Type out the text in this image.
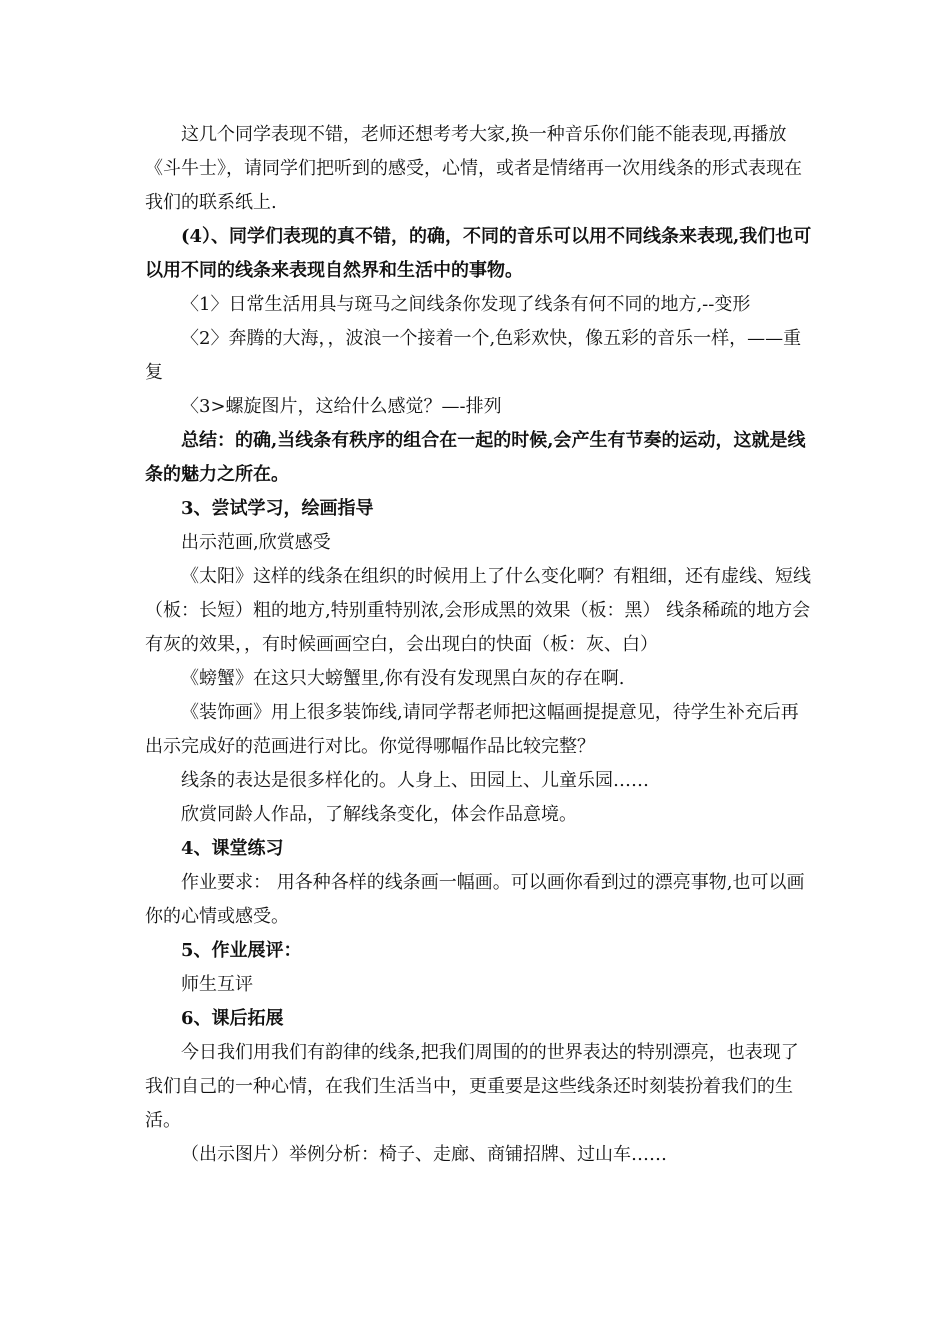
这几个同学表现不错，老师还想考考大家,换一种音乐你们能不能表现,再播放《斗牛士》，请同学们把听到的感受，心情，或者是情绪再一次用线条的形式表现在我们的联系纸上.

(4）、同学们表现的真不错，的确，不同的音乐可以用不同线条来表现,我们也可以用不同的线条来表现自然界和生活中的事物。

〈1〉日常生活用具与斑马之间线条你发现了线条有何不同的地方,--变形

〈2〉奔腾的大海，，波浪一个接着一个,色彩欢快，像五彩的音乐一样，——重复

〈3>螺旋图片，这给什么感觉？—-排列

总结：的确,当线条有秩序的组合在一起的时候,会产生有节奏的运动，这就是线条的魅力之所在。

3、尝试学习，绘画指导

出示范画,欣赏感受

《太阳》这样的线条在组织的时候用上了什么变化啊？有粗细，还有虚线、短线（板：长短）粗的地方,特别重特别浓,会形成黑的效果（板：黑） 线条稀疏的地方会有灰的效果，，有时候画画空白，会出现白的快面（板：灰、白）

《螃蟹》在这只大螃蟹里,你有没有发现黑白灰的存在啊.

《装饰画》用上很多装饰线,请同学帮老师把这幅画提提意见，待学生补充后再出示完成好的范画进行对比。你觉得哪幅作品比较完整？

线条的表达是很多样化的。人身上、田园上、儿童乐园……

欣赏同龄人作品，了解线条变化，体会作品意境。

4、课堂练习

作业要求： 用各种各样的线条画一幅画。可以画你看到过的漂亮事物,也可以画你的心情或感受。

5、作业展评：

师生互评

6、课后拓展

今日我们用我们有韵律的线条,把我们周围的的世界表达的特别漂亮，也表现了我们自己的一种心情，在我们生活当中，更重要是这些线条还时刻装扮着我们的生活。

（出示图片）举例分析：椅子、走廊、商铺招牌、过山车……
